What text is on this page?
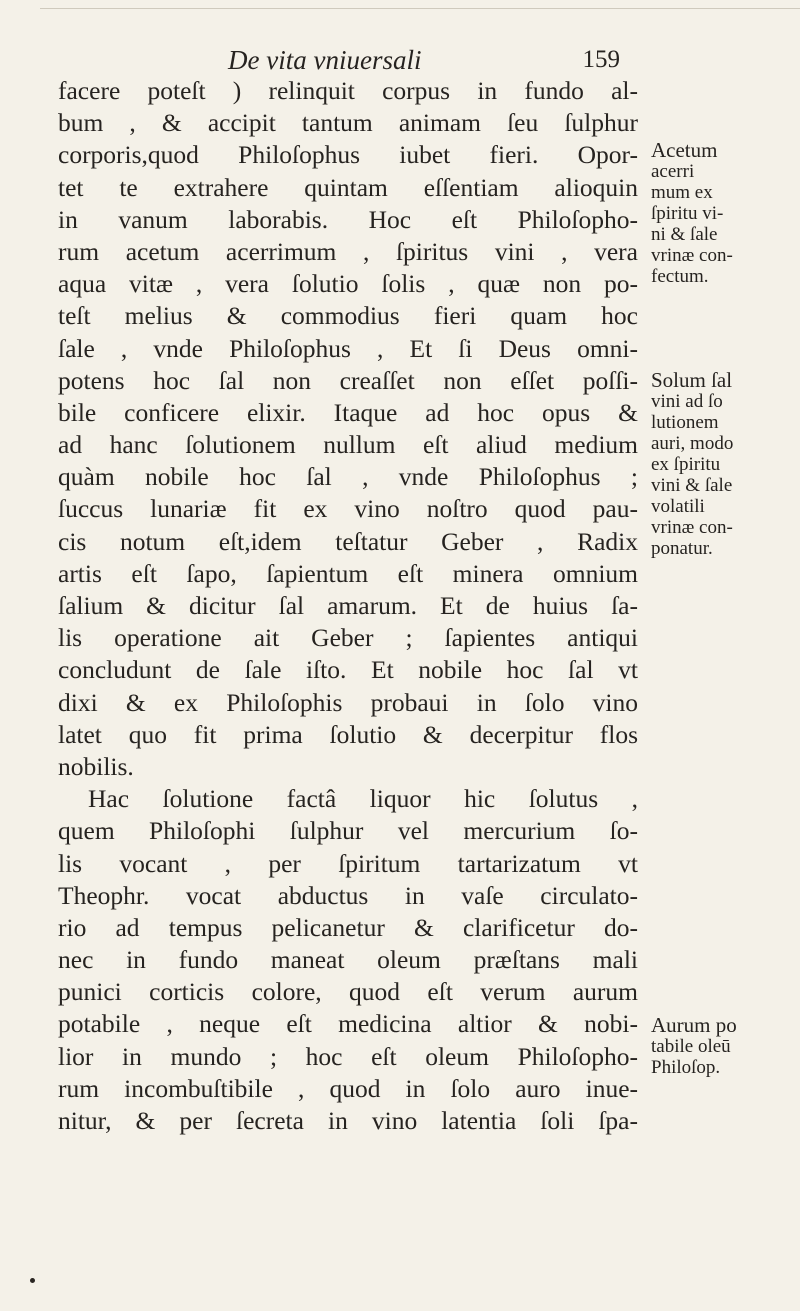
De vita vniuersali	159
facere poteſt ) relinquit corpus in fundo al-
bum , & accipit tantum animam ſeu ſulphur
corporis,quod Philoſophus iubet fieri. Opor-
tet te extrahere quintam eſſentiam alioquin
in vanum laborabis. Hoc eſt Philoſopho-
rum acetum acerrimum , ſpiritus vini , vera
aqua vitæ , vera ſolutio ſolis , quæ non po-
teſt melius & commodius fieri quam hoc
ſale , vnde Philoſophus , Et ſi Deus omni-
potens hoc ſal non creaſſet non eſſet poſſi-
bile conficere elixir. Itaque ad hoc opus &
ad hanc ſolutionem nullum eſt aliud medium
quàm nobile hoc ſal , vnde Philoſophus ;
ſuccus lunariæ fit ex vino noſtro quod pau-
cis notum eſt,idem teſtatur Geber , Radix
artis eſt ſapo, ſapientum eſt minera omnium
ſalium & dicitur ſal amarum. Et de huius ſa-
lis operatione ait Geber ; ſapientes antiqui
concludunt de ſale iſto. Et nobile hoc ſal vt
dixi & ex Philoſophis probaui in ſolo vino
latet quo fit prima ſolutio & decerpitur flos
nobilis.
Hac ſolutione factâ liquor hic ſolutus ,
quem Philoſophi ſulphur vel mercurium ſo-
lis vocant , per ſpiritum tartarizatum vt
Theophr. vocat abductus in vaſe circulato-
rio ad tempus pelicanetur & clarificetur do-
nec in fundo maneat oleum præſtans mali
punici corticis colore, quod eſt verum aurum
potabile , neque eſt medicina altior & nobi-
lior in mundo ; hoc eſt oleum Philoſopho-
rum incombuſtibile , quod in ſolo auro inue-
nitur, & per ſecreta in vino latentia ſoli ſpa-
Acetum
acerri
mum ex
ſpiritu vi-
ni & ſale
vrinæ con-
fectum.
Solum ſal
vini ad ſo
lutionem
auri, modo
ex ſpiritu
vini & ſale
volatili
vrinæ con-
ponatur.
Aurum po
tabile oleū
Philoſop.
